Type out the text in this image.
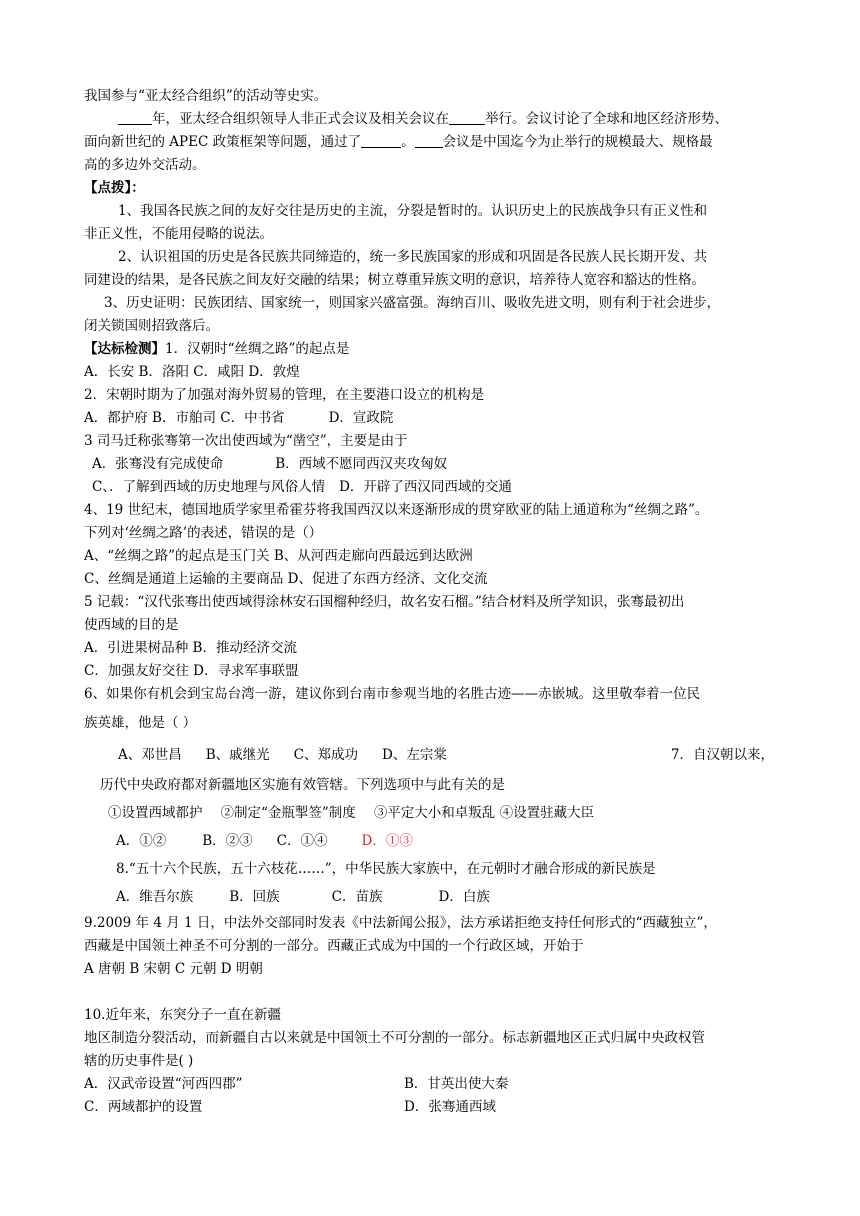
我国参与“亚太经合组织”的活动等史实。
年，亚太经合组织领导人非正式会议及相关会议在	举行。会议讨论了全球和地区经济形势、
面向新世纪的 APEC 政策框架等问题，通过了	。 会议是中国迄今为止举行的规模最大、规格最
高的多边外交活动。
【点拨】：
1、我国各民族之间的友好交往是历史的主流，分裂是暂时的。认识历史上的民族战争只有正义性和
非正义性，不能用侵略的说法。
2、认识祖国的历史是各民族共同缔造的，统一多民族国家的形成和巩固是各民族人民长期开发、共
同建设的结果，是各民族之间友好交融的结果；树立尊重异族文明的意识，培养待人宽容和豁达的性格。
3、历史证明：民族团结、国家统一，则国家兴盛富强。海纳百川、吸收先进文明，则有利于社会进步，
闭关锁国则招致落后。
【达标检测】1．汉朝时“丝绸之路”的起点是
A．长安 B．洛阳 C．咸阳 D．敦煌
2．宋朝时期为了加强对海外贸易的管理，在主要港口设立的机构是
A．都护府 B．市舶司 C．中书省	D．宣政院
3 司马迁称张骞第一次出使西域为“凿空”，主要是由于
A．张骞没有完成使命	B．西域不愿同西汉夹攻匈奴
C、．了解到西域的历史地理与风俗人情 D．开辟了西汉同西域的交通
4、19 世纪末，德国地质学家里希霍芬将我国西汉以来逐渐形成的贯穿欧亚的陆上通道称为“丝绸之路”。
下列对‘丝绸之路’的表述，错误的是（）
A、“丝绸之路”的起点是玉门关 B、从河西走廊向西最远到达欧洲
C、丝绸是通道上运输的主要商品 D、促进了东西方经济、文化交流
5 记载：“汉代张骞出使西域得涂林安石国榴种经归，故名安石榴。”结合材料及所学知识，张骞最初出
使西域的目的是
A．引进果树品种 B．推动经济交流
C．加强友好交往 D．寻求军事联盟
6、如果你有机会到宝岛台湾一游，建议你到台南市参观当地的名胜古迹——赤嵌城。这里敬奉着一位民
族英雄，他是（ ）
A、邓世昌 B、戚继光 C、郑成功 D、左宗棠	7．自汉朝以来，
历代中央政府都对新疆地区实施有效管辖。下列选项中与此有关的是
①设置西域都护 ②制定“金瓶掣签”制度 ③平定大小和卓叛乱 ④设置驻藏大臣
A．①②	B．②③ C．①④	D．①③
8.“五十六个民族，五十六枝花……”，中华民族大家族中，在元朝时才融合形成的新民族是
A．维吾尔族	B．回族	C．苗族	D．白族
9.2009 年 4 月 1 日，中法外交部同时发表《中法新闻公报》，法方承诺拒绝支持任何形式的“西藏独立”，
西藏是中国领土神圣不可分割的一部分。西藏正式成为中国的一个行政区域，开始于
A 唐朝 B 宋朝 C 元朝 D 明朝
10.近年来，东突分子一直在新疆
地区制造分裂活动，而新疆自古以来就是中国领土不可分割的一部分。标志新疆地区正式归属中央政权管
辖的历史事件是( )
A．汉武帝设置“河西四郡”	B．甘英出使大秦
C．两域都护的设置	D．张骞通西域
